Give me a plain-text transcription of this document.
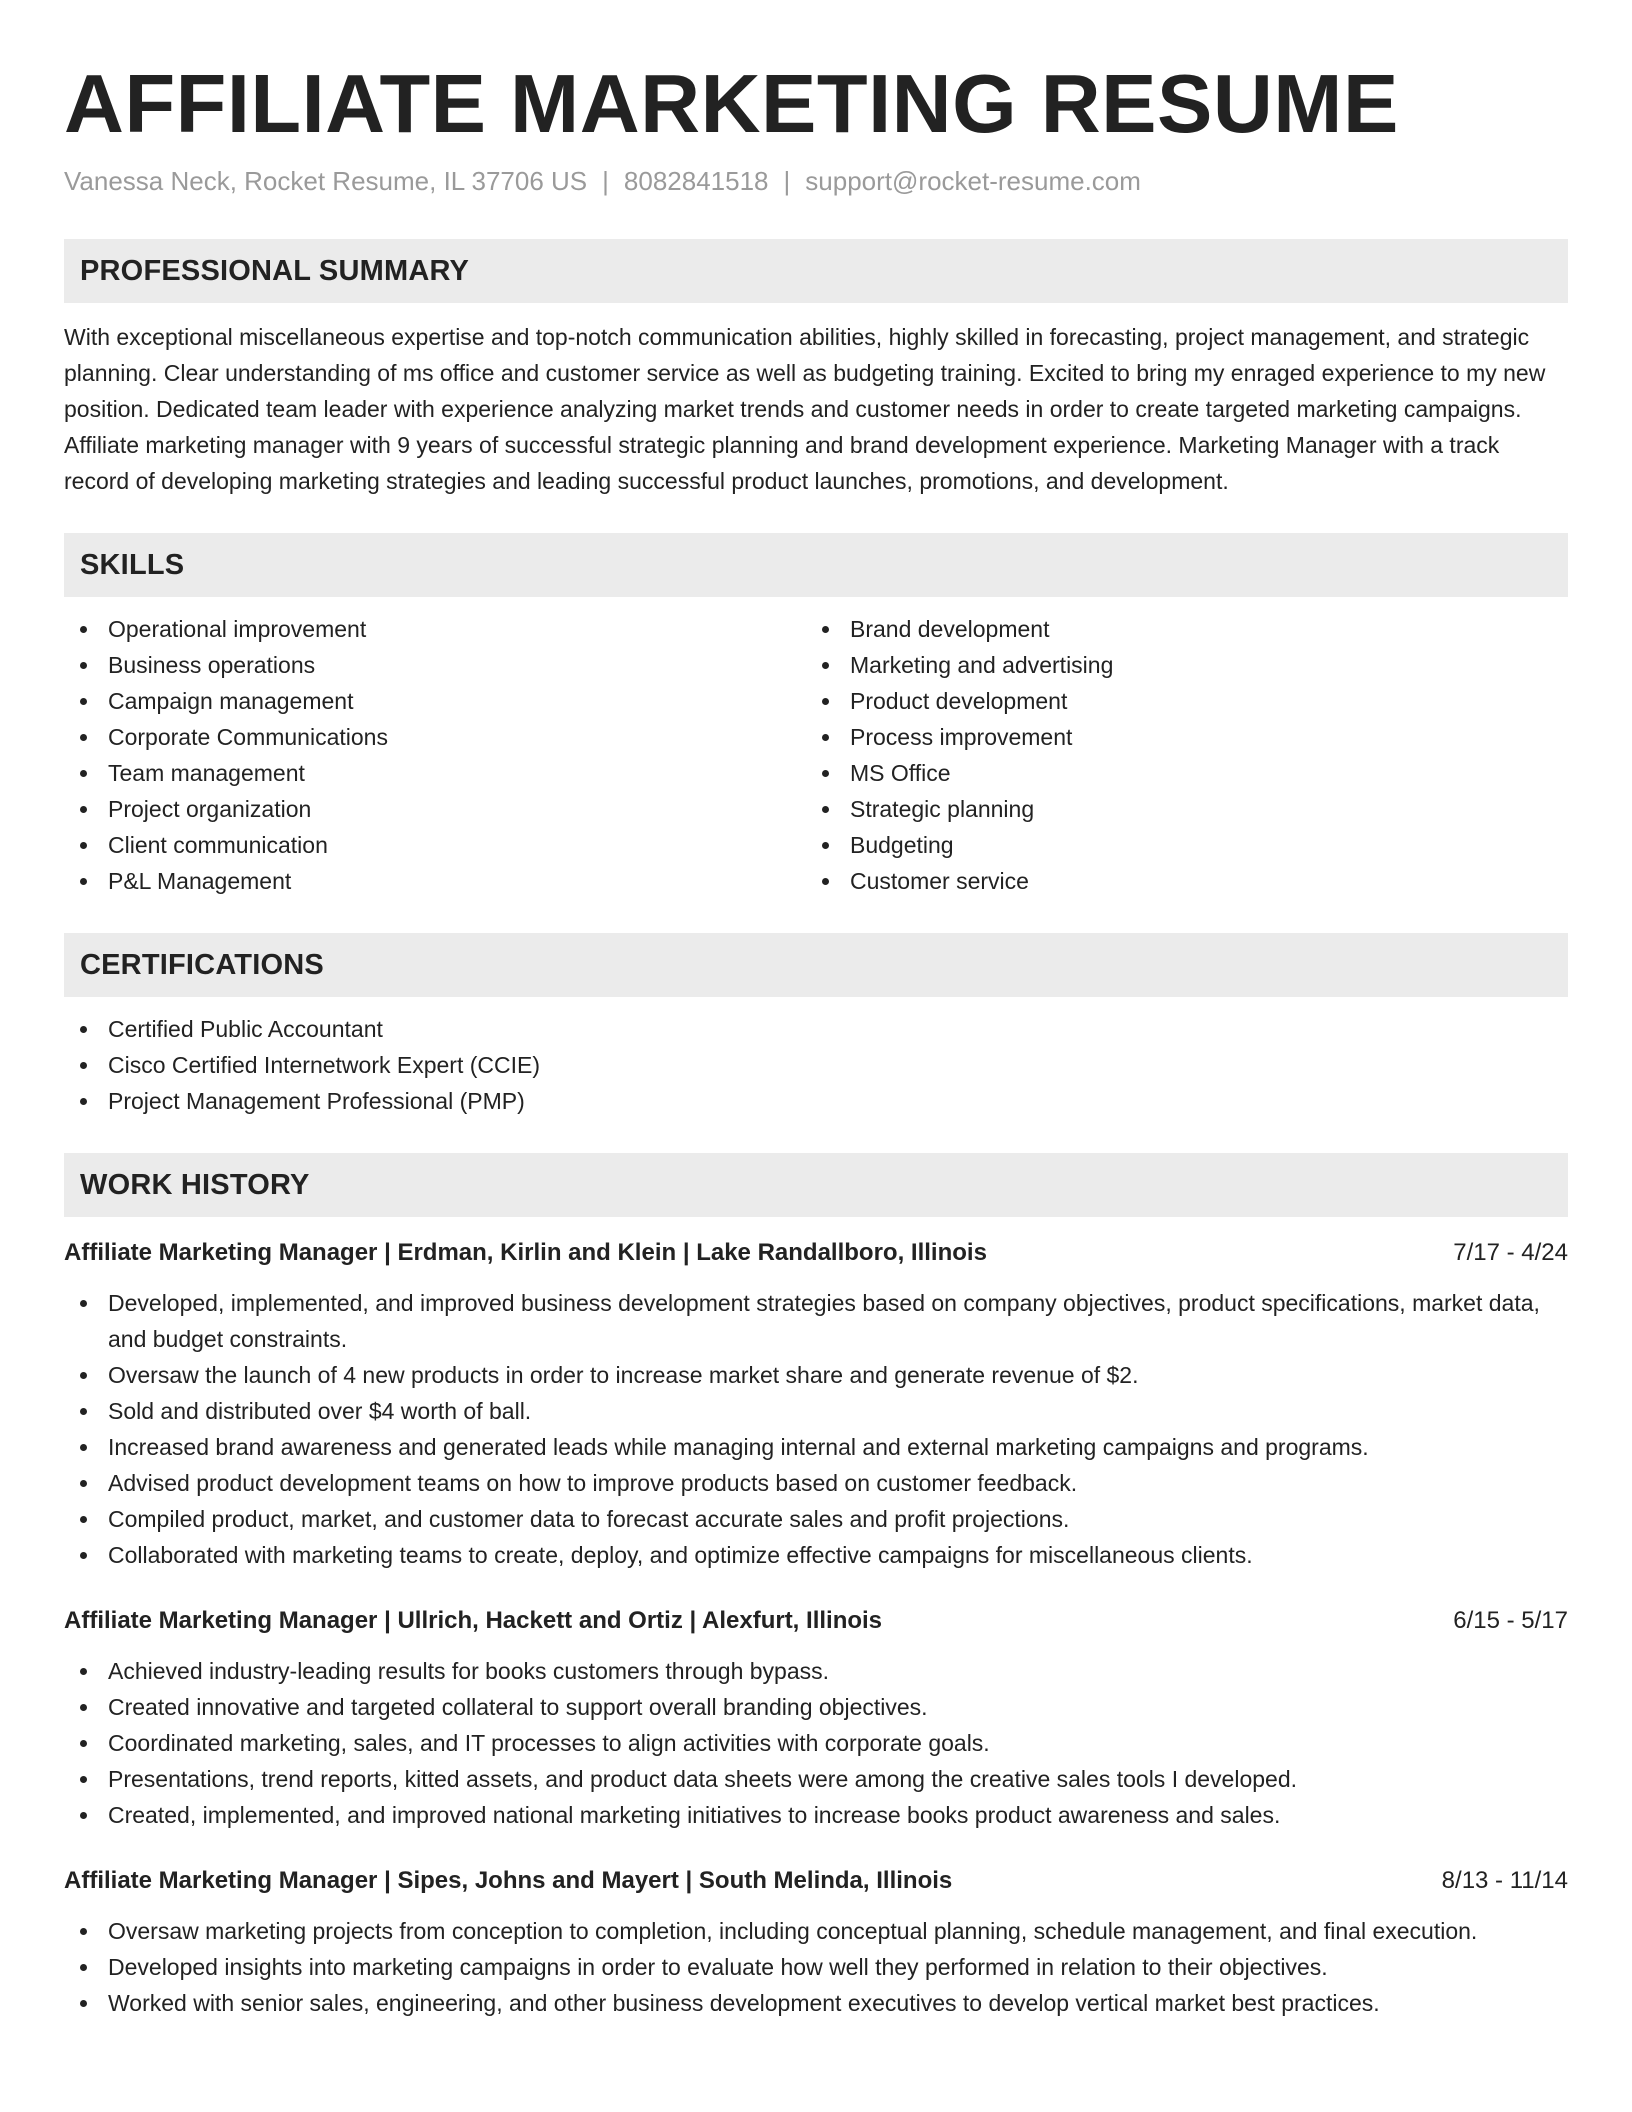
AFFILIATE MARKETING RESUME
Vanessa Neck, Rocket Resume, IL 37706 US | 8082841518 | support@rocket-resume.com
PROFESSIONAL SUMMARY

With exceptional miscellaneous expertise and top-notch communication abilities, highly skilled in forecasting, project management, and strategic planning. Clear understanding of ms office and customer service as well as budgeting training. Excited to bring my enraged experience to my new position. Dedicated team leader with experience analyzing market trends and customer needs in order to create targeted marketing campaigns. Affiliate marketing manager with 9 years of successful strategic planning and brand development experience. Marketing Manager with a track record of developing marketing strategies and leading successful product launches, promotions, and development.

SKILLS
Operational improvement
Business operations
Campaign management
Corporate Communications
Team management
Project organization
Client communication
P&L Management
Brand development
Marketing and advertising
Product development
Process improvement
MS Office
Strategic planning
Budgeting
Customer service
CERTIFICATIONS
Certified Public Accountant
Cisco Certified Internetwork Expert (CCIE)
Project Management Professional (PMP)
WORK HISTORY
Affiliate Marketing Manager | Erdman, Kirlin and Klein | Lake Randallboro, Illinois	7/17 - 4/24
Developed, implemented, and improved business development strategies based on company objectives, product specifications, market data, and budget constraints.
Oversaw the launch of 4 new products in order to increase market share and generate revenue of $2.
Sold and distributed over $4 worth of ball.
Increased brand awareness and generated leads while managing internal and external marketing campaigns and programs.
Advised product development teams on how to improve products based on customer feedback.
Compiled product, market, and customer data to forecast accurate sales and profit projections.
Collaborated with marketing teams to create, deploy, and optimize effective campaigns for miscellaneous clients.
Affiliate Marketing Manager | Ullrich, Hackett and Ortiz | Alexfurt, Illinois	6/15 - 5/17
Achieved industry-leading results for books customers through bypass.
Created innovative and targeted collateral to support overall branding objectives.
Coordinated marketing, sales, and IT processes to align activities with corporate goals.
Presentations, trend reports, kitted assets, and product data sheets were among the creative sales tools I developed.
Created, implemented, and improved national marketing initiatives to increase books product awareness and sales.
Affiliate Marketing Manager | Sipes, Johns and Mayert | South Melinda, Illinois	8/13 - 11/14
Oversaw marketing projects from conception to completion, including conceptual planning, schedule management, and final execution.
Developed insights into marketing campaigns in order to evaluate how well they performed in relation to their objectives.
Worked with senior sales, engineering, and other business development executives to develop vertical market best practices.
